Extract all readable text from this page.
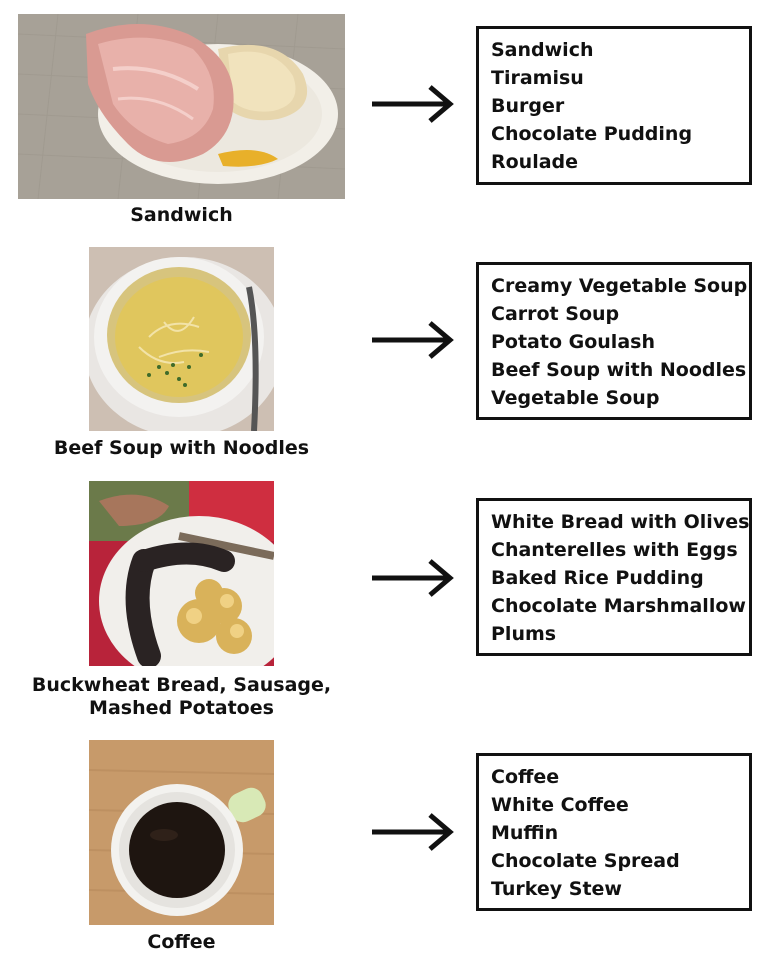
Sandwich
Sandwich
Tiramisu
Burger
Chocolate Pudding
Roulade
Beef Soup with Noodles
Creamy Vegetable Soup
Carrot Soup
Potato Goulash
Beef Soup with Noodles
Vegetable Soup
Buckwheat Bread, Sausage,
Mashed Potatoes
White Bread with Olives
Chanterelles with Eggs
Baked Rice Pudding
Chocolate Marshmallow
Plums
Coffee
Coffee
White Coffee
Muffin
Chocolate Spread
Turkey Stew
